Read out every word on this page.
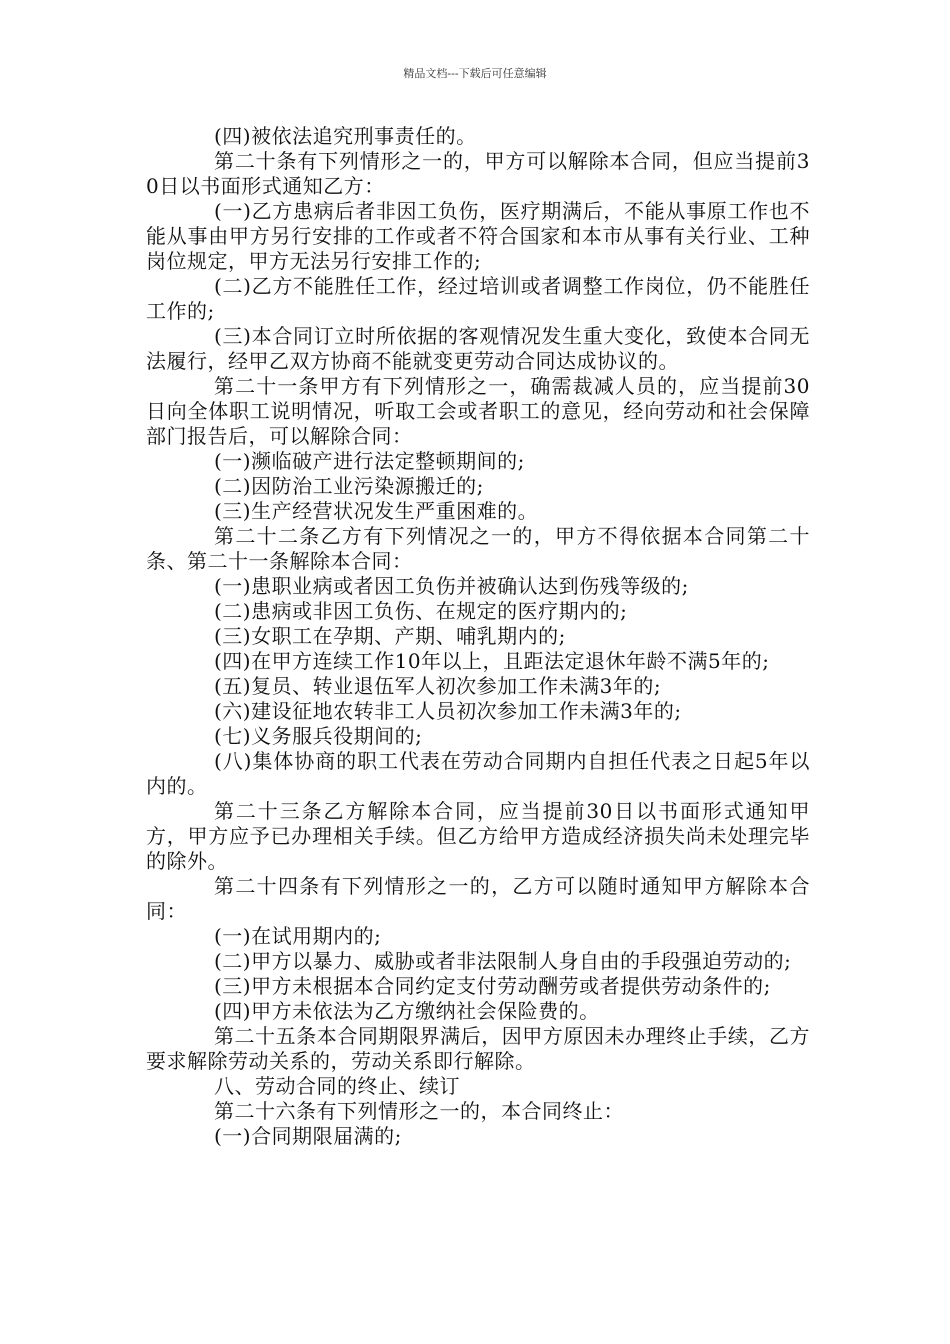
精品文档---下载后可任意编辑

(四)被依法追究刑事责任的。

第二十条有下列情形之一的，甲方可以解除本合同，但应当提前30日以书面形式通知乙方：

(一)乙方患病后者非因工负伤，医疗期满后，不能从事原工作也不能从事由甲方另行安排的工作或者不符合国家和本市从事有关行业、工种岗位规定，甲方无法另行安排工作的;

(二)乙方不能胜任工作，经过培训或者调整工作岗位，仍不能胜任工作的;

(三)本合同订立时所依据的客观情况发生重大变化，致使本合同无法履行，经甲乙双方协商不能就变更劳动合同达成协议的。

第二十一条甲方有下列情形之一，确需裁减人员的，应当提前30日向全体职工说明情况，听取工会或者职工的意见，经向劳动和社会保障部门报告后，可以解除合同：

(一)濒临破产进行法定整顿期间的;

(二)因防治工业污染源搬迁的;

(三)生产经营状况发生严重困难的。

第二十二条乙方有下列情况之一的，甲方不得依据本合同第二十条、第二十一条解除本合同：

(一)患职业病或者因工负伤并被确认达到伤残等级的;

(二)患病或非因工负伤、在规定的医疗期内的;

(三)女职工在孕期、产期、哺乳期内的;

(四)在甲方连续工作10年以上，且距法定退休年龄不满5年的;

(五)复员、转业退伍军人初次参加工作未满3年的;

(六)建设征地农转非工人员初次参加工作未满3年的;

(七)义务服兵役期间的;

(八)集体协商的职工代表在劳动合同期内自担任代表之日起5年以内的。

第二十三条乙方解除本合同，应当提前30日以书面形式通知甲方，甲方应予已办理相关手续。但乙方给甲方造成经济损失尚未处理完毕的除外。

第二十四条有下列情形之一的，乙方可以随时通知甲方解除本合同：

(一)在试用期内的;

(二)甲方以暴力、威胁或者非法限制人身自由的手段强迫劳动的;

(三)甲方未根据本合同约定支付劳动酬劳或者提供劳动条件的;

(四)甲方未依法为乙方缴纳社会保险费的。

第二十五条本合同期限界满后，因甲方原因未办理终止手续，乙方要求解除劳动关系的，劳动关系即行解除。

八、劳动合同的终止、续订

第二十六条有下列情形之一的，本合同终止：

(一)合同期限届满的;
